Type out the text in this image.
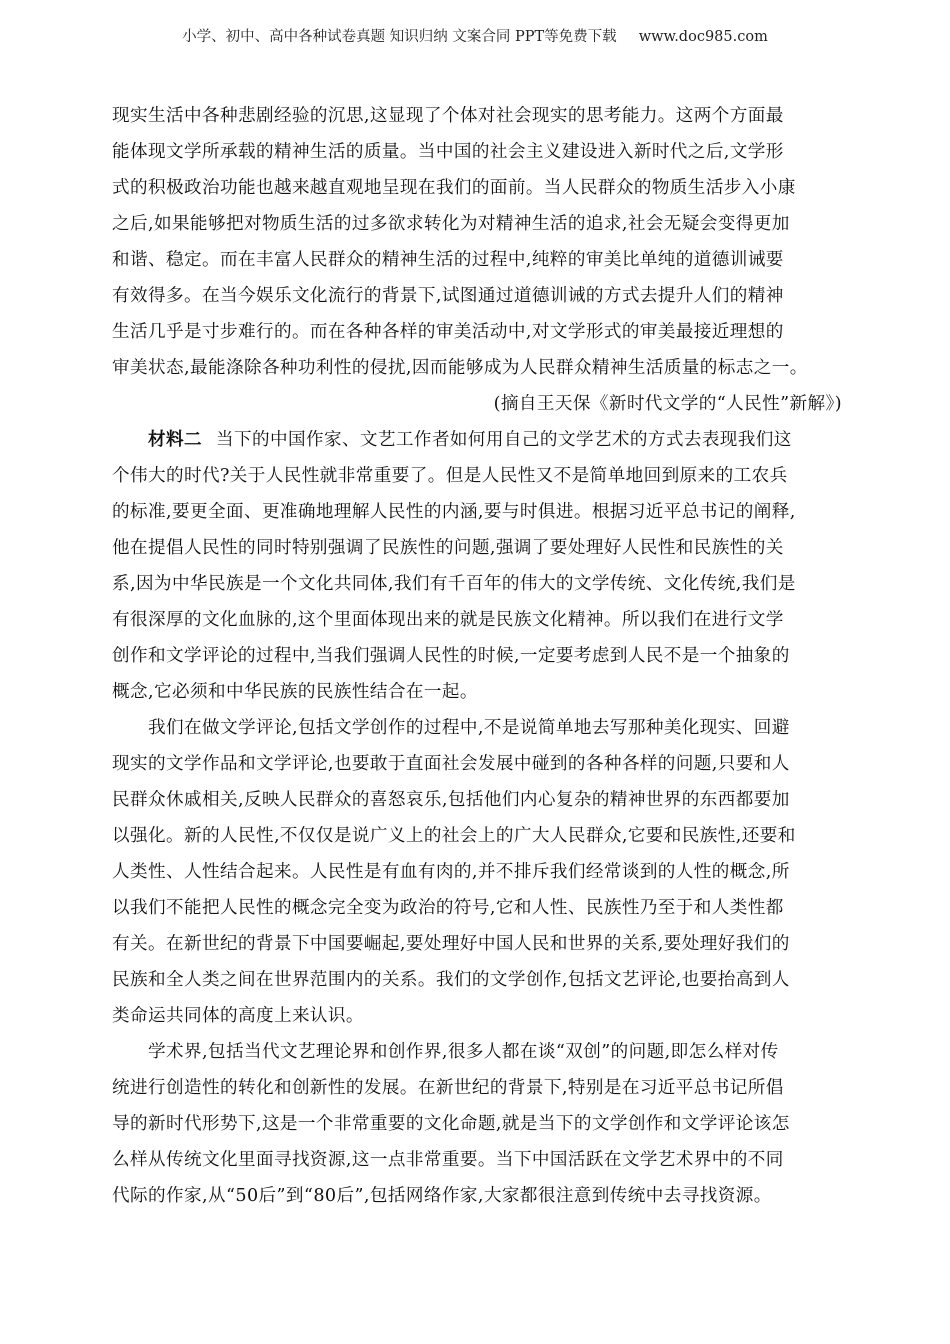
小学、初中、高中各种试卷真题 知识归纳 文案合同 PPT等免费下载 www.doc985.com
现实生活中各种悲剧经验的沉思,这显现了个体对社会现实的思考能力。这两个方面最
能体现文学所承载的精神生活的质量。当中国的社会主义建设进入新时代之后,文学形
式的积极政治功能也越来越直观地呈现在我们的面前。当人民群众的物质生活步入小康
之后,如果能够把对物质生活的过多欲求转化为对精神生活的追求,社会无疑会变得更加
和谐、稳定。而在丰富人民群众的精神生活的过程中,纯粹的审美比单纯的道德训诫要
有效得多。在当今娱乐文化流行的背景下,试图通过道德训诫的方式去提升人们的精神
生活几乎是寸步难行的。而在各种各样的审美活动中,对文学形式的审美最接近理想的
审美状态,最能涤除各种功利性的侵扰,因而能够成为人民群众精神生活质量的标志之一。
(摘自王天保《新时代文学的“人民性”新解》)
材料二 当下的中国作家、文艺工作者如何用自己的文学艺术的方式去表现我们这
个伟大的时代?关于人民性就非常重要了。但是人民性又不是简单地回到原来的工农兵
的标准,要更全面、更准确地理解人民性的内涵,要与时俱进。根据习近平总书记的阐释,
他在提倡人民性的同时特别强调了民族性的问题,强调了要处理好人民性和民族性的关
系,因为中华民族是一个文化共同体,我们有千百年的伟大的文学传统、文化传统,我们是
有很深厚的文化血脉的,这个里面体现出来的就是民族文化精神。所以我们在进行文学
创作和文学评论的过程中,当我们强调人民性的时候,一定要考虑到人民不是一个抽象的
概念,它必须和中华民族的民族性结合在一起。
我们在做文学评论,包括文学创作的过程中,不是说简单地去写那种美化现实、回避
现实的文学作品和文学评论,也要敢于直面社会发展中碰到的各种各样的问题,只要和人
民群众休戚相关,反映人民群众的喜怒哀乐,包括他们内心复杂的精神世界的东西都要加
以强化。新的人民性,不仅仅是说广义上的社会上的广大人民群众,它要和民族性,还要和
人类性、人性结合起来。人民性是有血有肉的,并不排斥我们经常谈到的人性的概念,所
以我们不能把人民性的概念完全变为政治的符号,它和人性、民族性乃至于和人类性都
有关。在新世纪的背景下中国要崛起,要处理好中国人民和世界的关系,要处理好我们的
民族和全人类之间在世界范围内的关系。我们的文学创作,包括文艺评论,也要抬高到人
类命运共同体的高度上来认识。
学术界,包括当代文艺理论界和创作界,很多人都在谈“双创”的问题,即怎么样对传
统进行创造性的转化和创新性的发展。在新世纪的背景下,特别是在习近平总书记所倡
导的新时代形势下,这是一个非常重要的文化命题,就是当下的文学创作和文学评论该怎
么样从传统文化里面寻找资源,这一点非常重要。当下中国活跃在文学艺术界中的不同
代际的作家,从“50后”到“80后”,包括网络作家,大家都很注意到传统中去寻找资源。
